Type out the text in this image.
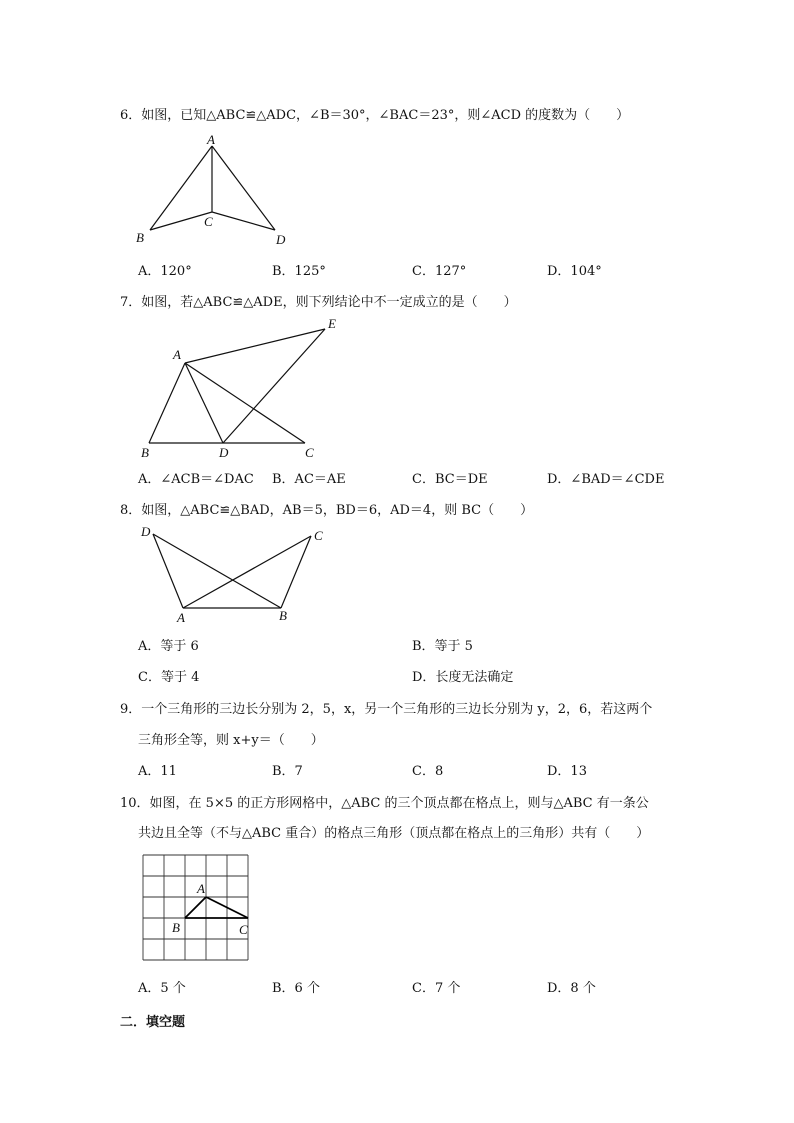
6．如图，已知△ABC≌△ADC，∠B＝30°，∠BAC＝23°，则∠ACD 的度数为（　　）
A
B
C
D
A．120°	B．125°	C．127°	D．104°
7．如图，若△ABC≌△ADE，则下列结论中不一定成立的是（　　）
A
B	D	C
E
A．∠ACB＝∠DAC B．AC＝AE	C．BC＝DE	D．∠BAD＝∠CDE
8．如图，△ABC≌△BAD，AB＝5，BD＝6，AD＝4，则 BC（　　）
D	C
A	B
A．等于 6	B．等于 5
C．等于 4	D．长度无法确定
9．一个三角形的三边长分别为 2，5，x，另一个三角形的三边长分别为 y，2，6，若这两个
三角形全等，则 x+y＝（　　）
A．11	B．7	C．8	D．13
10．如图，在 5×5 的正方形网格中，△ABC 的三个顶点都在格点上，则与△ABC 有一条公
共边且全等（不与△ABC 重合）的格点三角形（顶点都在格点上的三角形）共有（　　）
A
B	C
A．5 个	B．6 个	C．7 个	D．8 个
二．填空题
